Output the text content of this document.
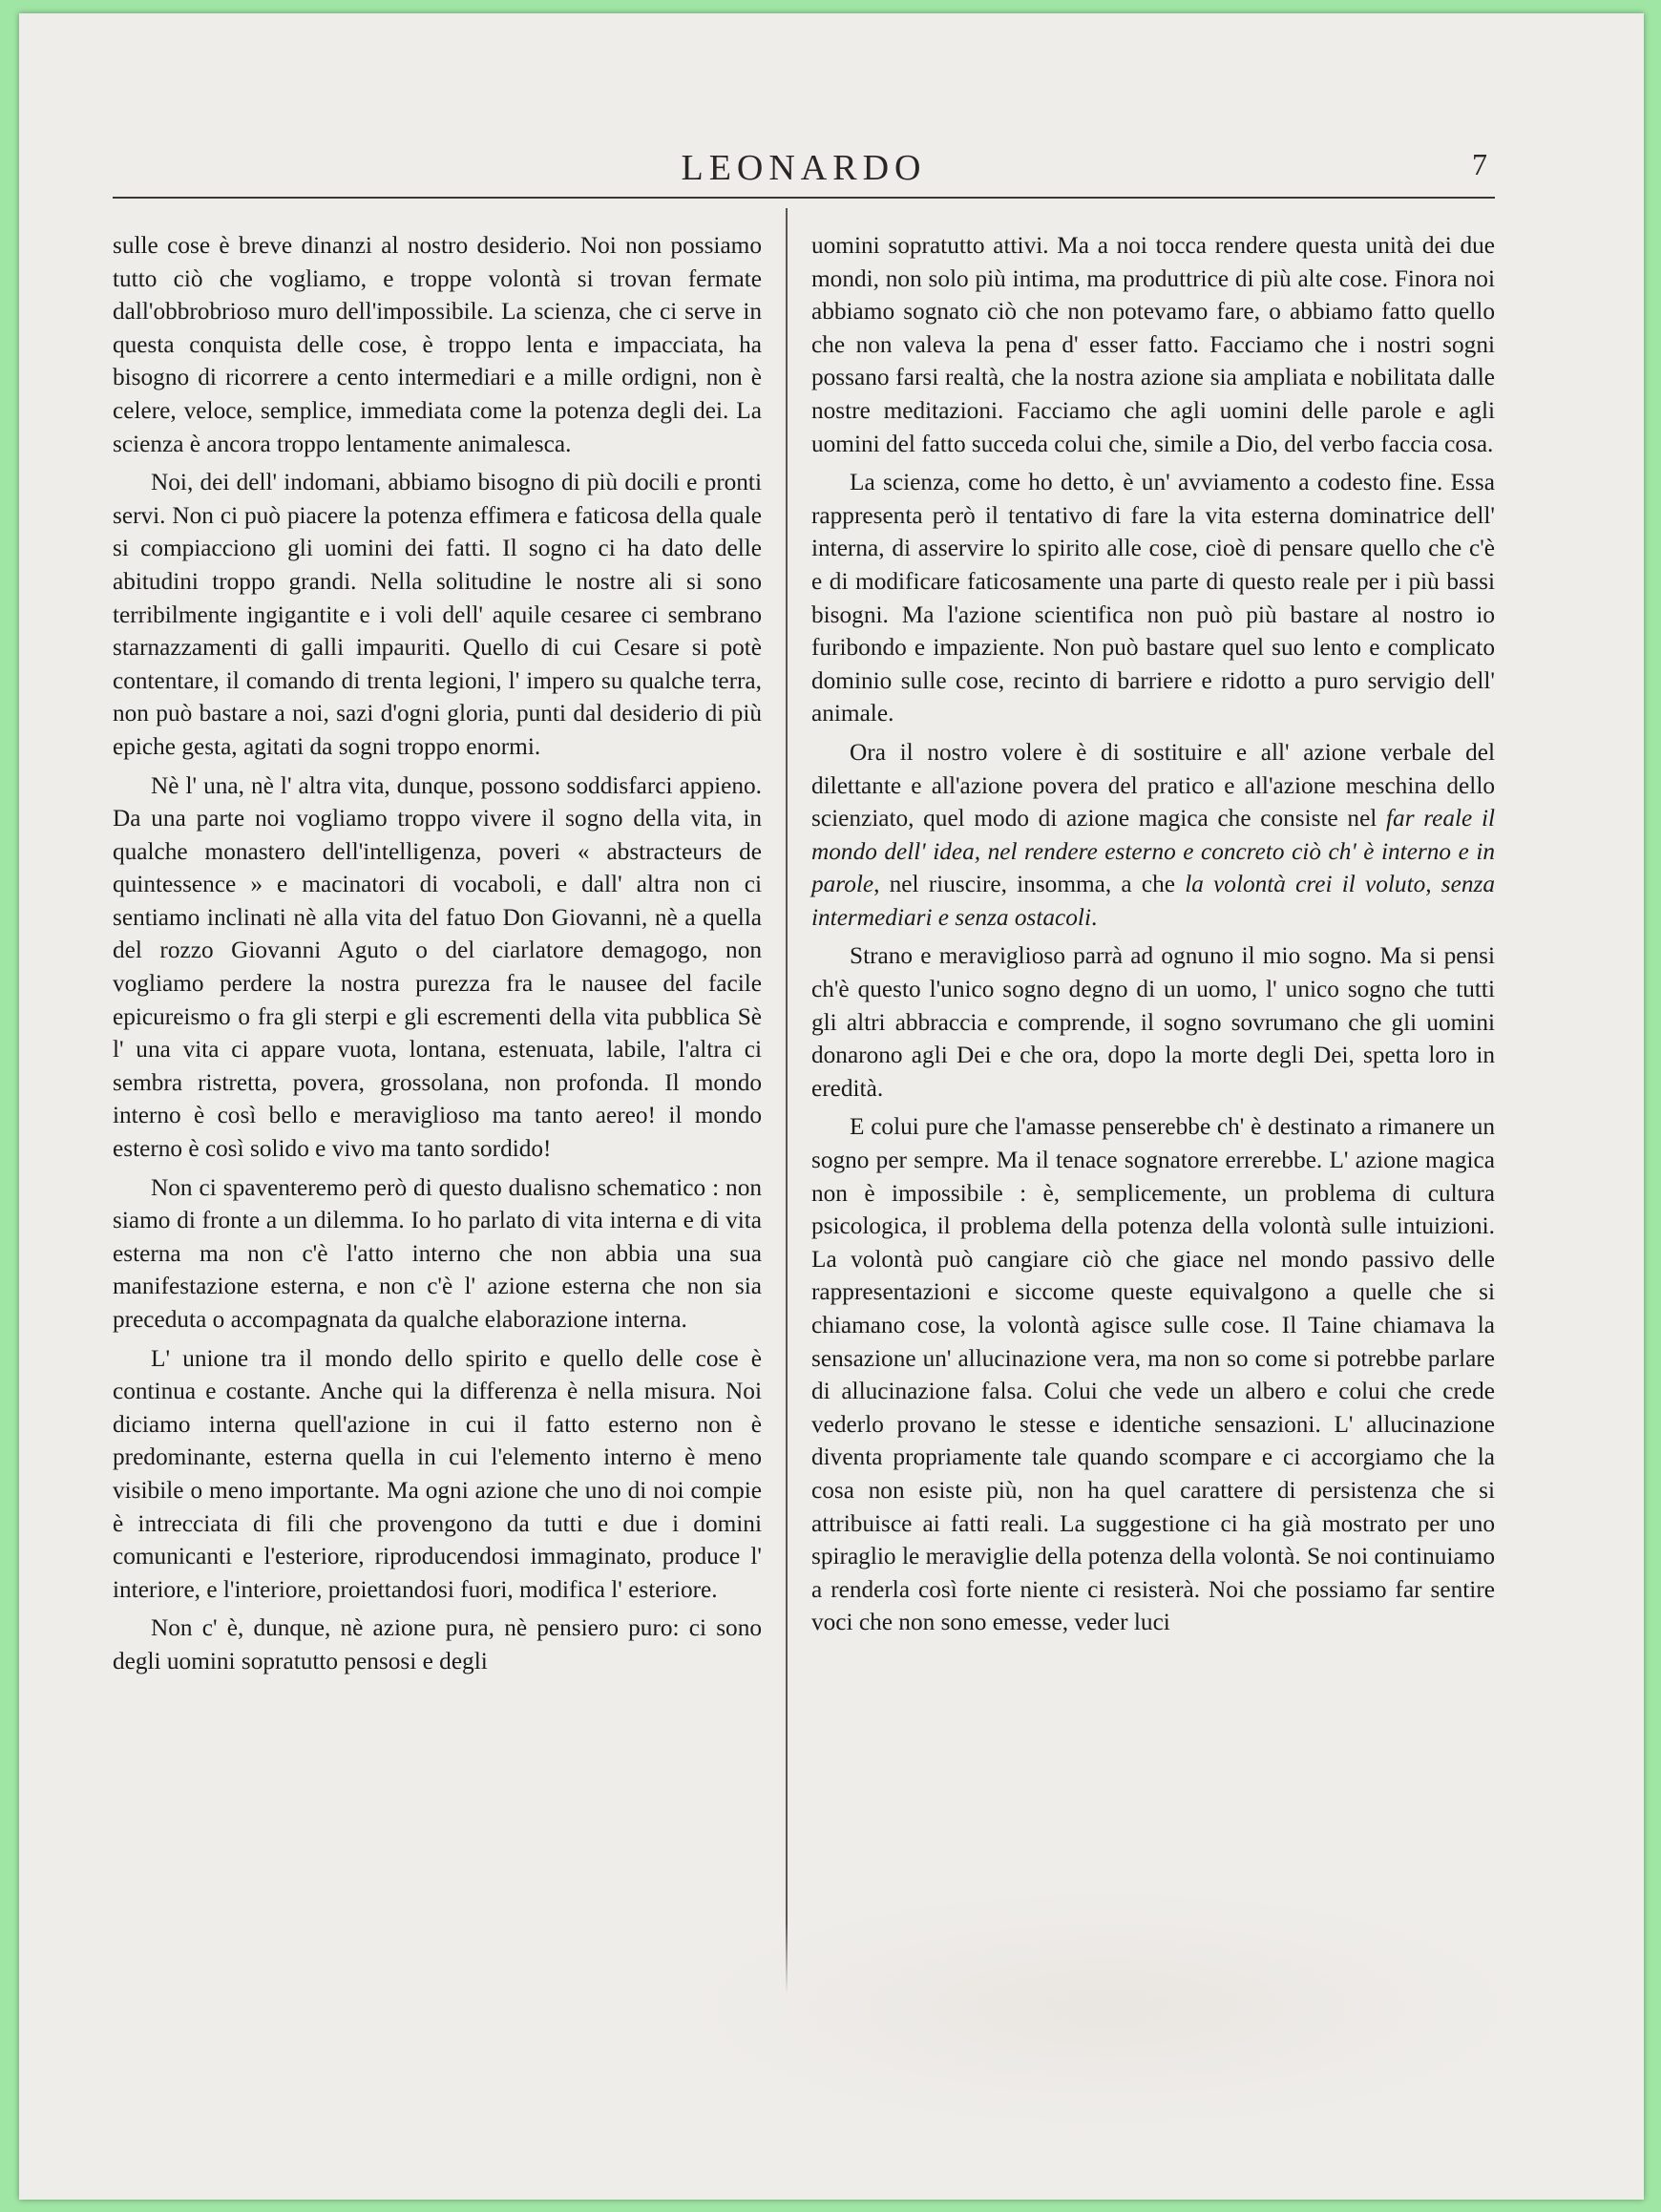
LEONARDO	7

sulle cose è breve dinanzi al nostro desiderio. Noi non possiamo tutto ciò che vogliamo, e troppe volontà si trovan fermate dall'obbrobrioso muro dell'impossibile. La scienza, che ci serve in questa conquista delle cose, è troppo lenta e impacciata, ha bisogno di ricorrere a cento intermediari e a mille ordigni, non è celere, veloce, semplice, immediata come la potenza degli dei. La scienza è ancora troppo lentamente animalesca.

Noi, dei dell' indomani, abbiamo bisogno di più docili e pronti servi. Non ci può piacere la potenza effimera e faticosa della quale si compiacciono gli uomini dei fatti. Il sogno ci ha dato delle abitudini troppo grandi. Nella solitudine le nostre ali si sono terribilmente ingigantite e i voli dell' aquile cesaree ci sembrano starnazzamenti di galli impauriti. Quello di cui Cesare si potè contentare, il comando di trenta legioni, l' impero su qualche terra, non può bastare a noi, sazi d'ogni gloria, punti dal desiderio di più epiche gesta, agitati da sogni troppo enormi.

Nè l' una, nè l' altra vita, dunque, possono soddisfarci appieno. Da una parte noi vogliamo troppo vivere il sogno della vita, in qualche monastero dell'intelligenza, poveri « abstracteurs de quintessence » e macinatori di vocaboli, e dall' altra non ci sentiamo inclinati nè alla vita del fatuo Don Giovanni, nè a quella del rozzo Giovanni Aguto o del ciarlatore demagogo, non vogliamo perdere la nostra purezza fra le nausee del facile epicureismo o fra gli sterpi e gli escrementi della vita pubblica Sè l' una vita ci appare vuota, lontana, estenuata, labile, l'altra ci sembra ristretta, povera, grossolana, non profonda. Il mondo interno è così bello e meraviglioso ma tanto aereo! il mondo esterno è così solido e vivo ma tanto sordido!

Non ci spaventeremo però di questo dualisno schematico : non siamo di fronte a un dilemma. Io ho parlato di vita interna e di vita esterna ma non c'è l'atto interno che non abbia una sua manifestazione esterna, e non c'è l' azione esterna che non sia preceduta o accompagnata da qualche elaborazione interna.

L' unione tra il mondo dello spirito e quello delle cose è continua e costante. Anche qui la differenza è nella misura. Noi diciamo interna quell'azione in cui il fatto esterno non è predominante, esterna quella in cui l'elemento interno è meno visibile o meno importante. Ma ogni azione che uno di noi compie è intrecciata di fili che provengono da tutti e due i domini comunicanti e l'esteriore, riproducendosi immaginato, produce l' interiore, e l'interiore, proiettandosi fuori, modifica l' esteriore.

Non c' è, dunque, nè azione pura, nè pensiero puro: ci sono degli uomini sopratutto pensosi e degli

uomini sopratutto attivi. Ma a noi tocca rendere questa unità dei due mondi, non solo più intima, ma produttrice di più alte cose. Finora noi abbiamo sognato ciò che non potevamo fare, o abbiamo fatto quello che non valeva la pena d' esser fatto. Facciamo che i nostri sogni possano farsi realtà, che la nostra azione sia ampliata e nobilitata dalle nostre meditazioni. Facciamo che agli uomini delle parole e agli uomini del fatto succeda colui che, simile a Dio, del verbo faccia cosa.

La scienza, come ho detto, è un' avviamento a codesto fine. Essa rappresenta però il tentativo di fare la vita esterna dominatrice dell' interna, di asservire lo spirito alle cose, cioè di pensare quello che c'è e di modificare faticosamente una parte di questo reale per i più bassi bisogni. Ma l'azione scientifica non può più bastare al nostro io furibondo e impaziente. Non può bastare quel suo lento e complicato dominio sulle cose, recinto di barriere e ridotto a puro servigio dell' animale.

Ora il nostro volere è di sostituire e all' azione verbale del dilettante e all'azione povera del pratico e all'azione meschina dello scienziato, quel modo di azione magica che consiste nel far reale il mondo dell' idea, nel rendere esterno e concreto ciò ch' è interno e in parole, nel riuscire, insomma, a che la volontà crei il voluto, senza intermediari e senza ostacoli.

Strano e meraviglioso parrà ad ognuno il mio sogno. Ma si pensi ch'è questo l'unico sogno degno di un uomo, l' unico sogno che tutti gli altri abbraccia e comprende, il sogno sovrumano che gli uomini donarono agli Dei e che ora, dopo la morte degli Dei, spetta loro in eredità.

E colui pure che l'amasse penserebbe ch' è destinato a rimanere un sogno per sempre. Ma il tenace sognatore errerebbe. L' azione magica non è impossibile : è, semplicemente, un problema di cultura psicologica, il problema della potenza della volontà sulle intuizioni. La volontà può cangiare ciò che giace nel mondo passivo delle rappresentazioni e siccome queste equivalgono a quelle che si chiamano cose, la volontà agisce sulle cose. Il Taine chiamava la sensazione un' allucinazione vera, ma non so come si potrebbe parlare di allucinazione falsa. Colui che vede un albero e colui che crede vederlo provano le stesse e identiche sensazioni. L' allucinazione diventa propriamente tale quando scompare e ci accorgiamo che la cosa non esiste più, non ha quel carattere di persistenza che si attribuisce ai fatti reali. La suggestione ci ha già mostrato per uno spiraglio le meraviglie della potenza della volontà. Se noi continuiamo a renderla così forte niente ci resisterà. Noi che possiamo far sentire voci che non sono emesse, veder luci
